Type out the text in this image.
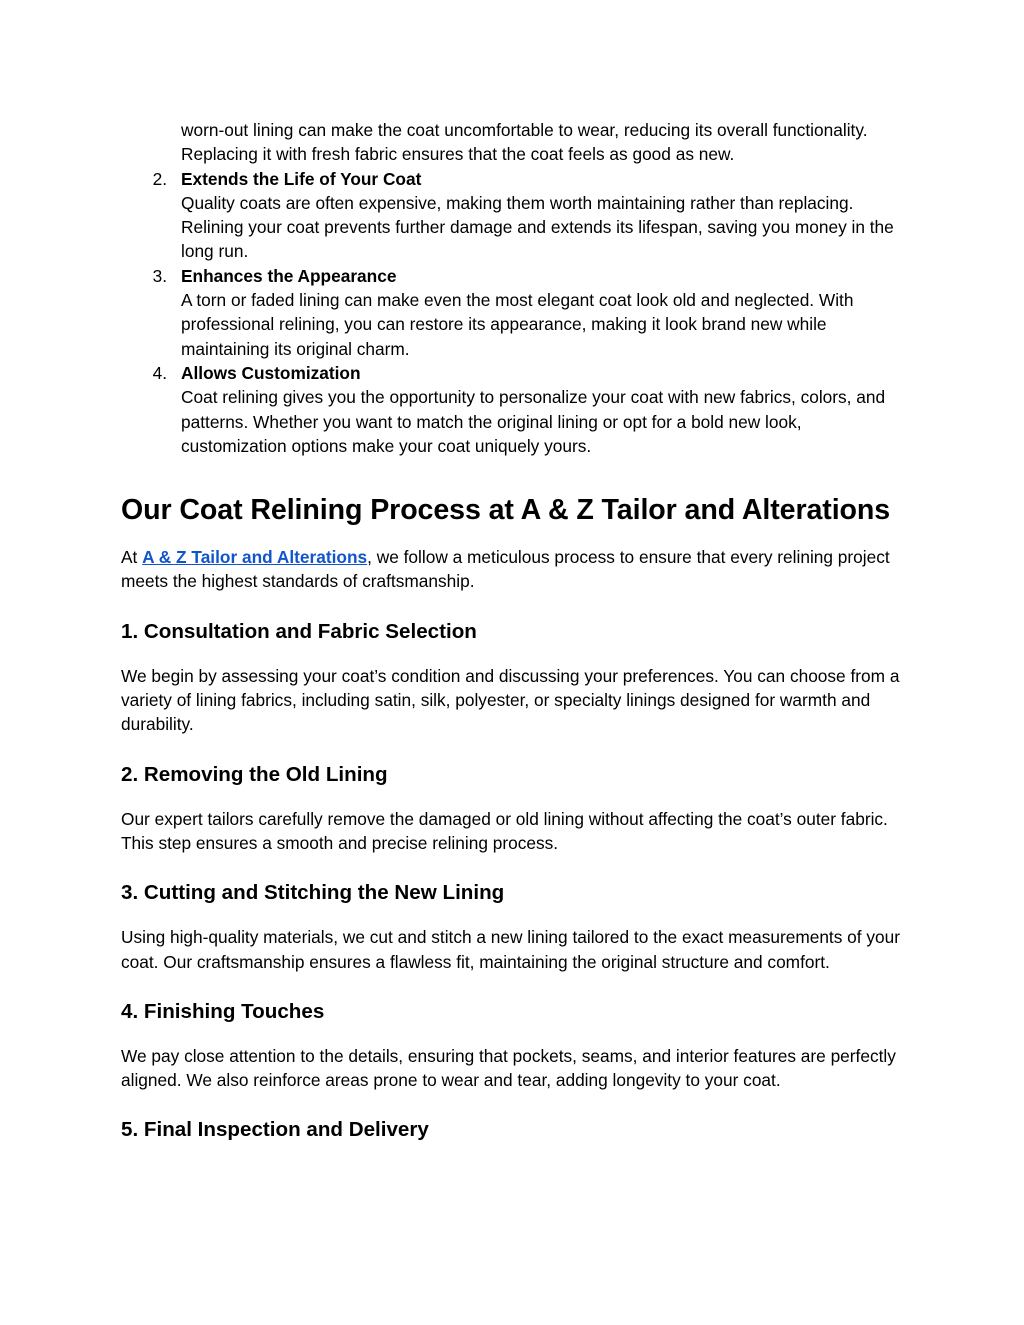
worn-out lining can make the coat uncomfortable to wear, reducing its overall functionality. Replacing it with fresh fabric ensures that the coat feels as good as new.
2. Extends the Life of Your Coat
Quality coats are often expensive, making them worth maintaining rather than replacing. Relining your coat prevents further damage and extends its lifespan, saving you money in the long run.
3. Enhances the Appearance
A torn or faded lining can make even the most elegant coat look old and neglected. With professional relining, you can restore its appearance, making it look brand new while maintaining its original charm.
4. Allows Customization
Coat relining gives you the opportunity to personalize your coat with new fabrics, colors, and patterns. Whether you want to match the original lining or opt for a bold new look, customization options make your coat uniquely yours.
Our Coat Relining Process at A & Z Tailor and Alterations

At A & Z Tailor and Alterations, we follow a meticulous process to ensure that every relining project meets the highest standards of craftsmanship.

1. Consultation and Fabric Selection

We begin by assessing your coat’s condition and discussing your preferences. You can choose from a variety of lining fabrics, including satin, silk, polyester, or specialty linings designed for warmth and durability.

2. Removing the Old Lining

Our expert tailors carefully remove the damaged or old lining without affecting the coat’s outer fabric. This step ensures a smooth and precise relining process.

3. Cutting and Stitching the New Lining

Using high-quality materials, we cut and stitch a new lining tailored to the exact measurements of your coat. Our craftsmanship ensures a flawless fit, maintaining the original structure and comfort.

4. Finishing Touches

We pay close attention to the details, ensuring that pockets, seams, and interior features are perfectly aligned. We also reinforce areas prone to wear and tear, adding longevity to your coat.

5. Final Inspection and Delivery
